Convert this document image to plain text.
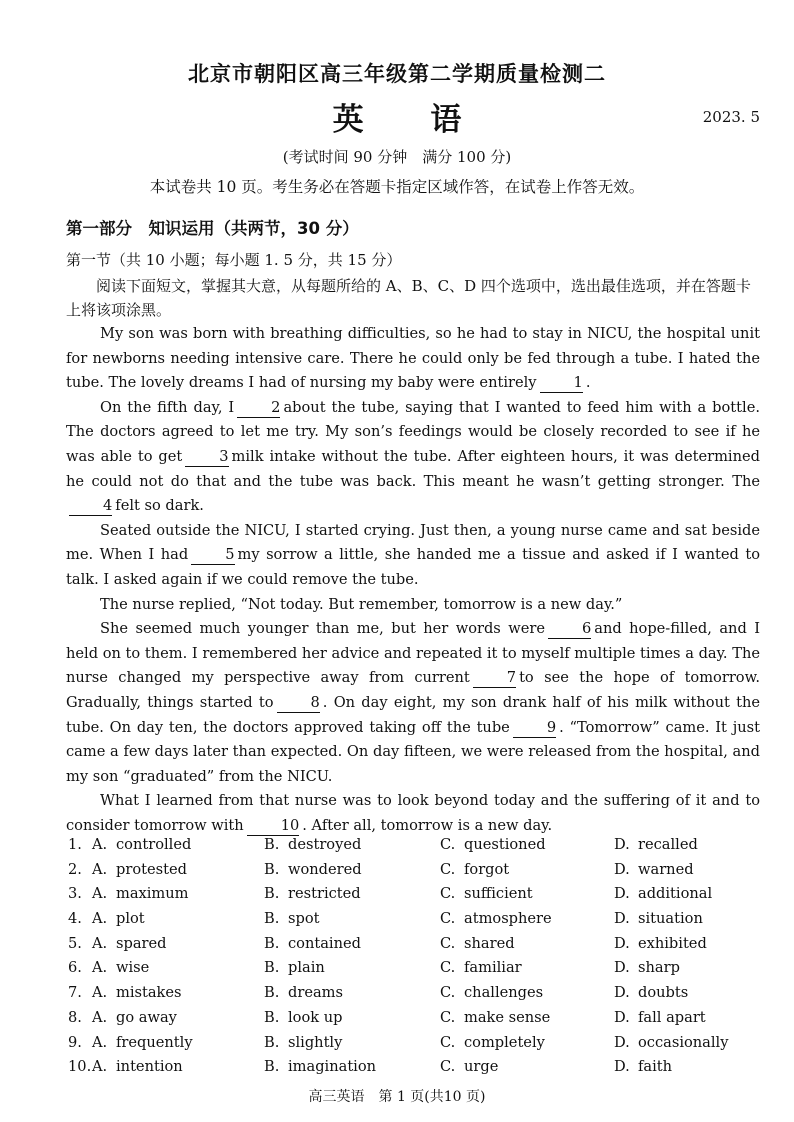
北京市朝阳区高三年级第二学期质量检测二
英 语	2023. 5
(考试时间 90 分钟　满分 100 分)
本试卷共 10 页。考生务必在答题卡指定区域作答，在试卷上作答无效。
第一部分　知识运用（共两节，30 分）
第一节（共 10 小题；每小题 1. 5 分，共 15 分）
阅读下面短文，掌握其大意，从每题所给的 A、B、C、D 四个选项中，选出最佳选项，并在答题卡上将该项涂黑。

My son was born with breathing difficulties, so he had to stay in NICU, the hospital unit for newborns needing intensive care. There he could only be fed through a tube. I hated the tube. The lovely dreams I had of nursing my baby were entirely	1 .

On the fifth day, I	2 about the tube, saying that I wanted to feed him with a bottle. The doctors agreed to let me try. My son’s feedings would be closely recorded to see if he was able to get	3 milk intake without the tube. After eighteen hours, it was determined he could not do that and the tube was back. This meant he wasn’t getting stronger. The4 felt so dark.

Seated outside the NICU, I started crying. Just then, a young nurse came and sat beside me. When I had	5 my sorrow a little, she handed me a tissue and asked if I wanted to talk. I asked again if we could remove the tube.

The nurse replied, “Not today. But remember, tomorrow is a new day.”

She seemed much younger than me, but her words were	6 and hope-filled, and I held on to them. I remembered her advice and repeated it to myself multiple times a day. The nurse changed my perspective away from current	7 to see the hope of tomorrow. Gradually, things started to	8 . On day eight, my son drank half of his milk without the tube. On day ten, the doctors approved taking off the tube	9 . “Tomorrow” came. It just came a few days later than expected. On day fifteen, we were released from the hospital, and my son “graduated” from the NICU.

What I learned from that nurse was to look beyond today and the suffering of it and to consider tomorrow with	10 . After all, tomorrow is a new day.

1. A. controlled	B. destroyed	C. questioned	D. recalled
2. A. protested	B. wondered	C. forgot	D. warned
3. A. maximum	B. restricted	C. sufficient	D. additional
4. A. plot	B. spot	C. atmosphere	D. situation
5. A. spared	B. contained	C. shared	D. exhibited
6. A. wise	B. plain	C. familiar	D. sharp
7. A. mistakes	B. dreams	C. challenges	D. doubts
8. A. go away	B. look up	C. make sense	D. fall apart
9. A. frequently	B. slightly	C. completely	D. occasionally
10. A. intention	B. imagination	C. urge	D. faith
高三英语　第 1 页(共10 页)
